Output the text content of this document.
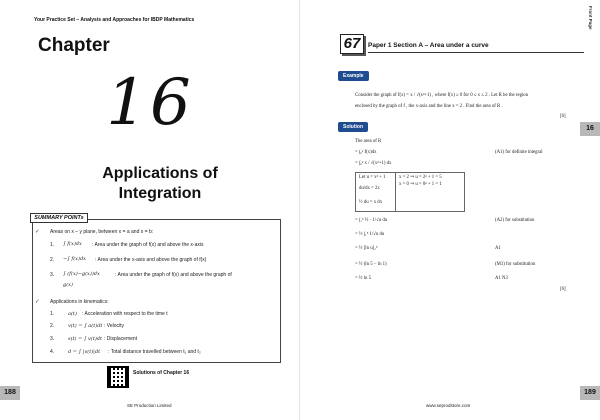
Your Practice Set – Analysis and Approaches for IBDP Mathematics
Chapter
16
Applications of
Integration
SUMMARY POINTs
✓ Areas on x – y plane, between x = a and x = b:
1. ∫ f(x)dx : Area under the graph of f(x) and above the x-axis
2. −∫ f(x)dx : Area under the x-axis and above the graph of f(x)
3. ∫ (f(x)−g(x))dx	: Area under the graph of f(x) and above the graph of
g(x)
✓ Applications in kinematics:
1.	a(t) : Acceleration with respect to the time t
2.	v(t) = ∫ a(t)dt : Velocity
3.	s(t) = ∫ v(t)dt : Displacement
4.	d = ∫ |v(t)|dt : Total distance travelled between t₁ and t₂
Solutions of Chapter 16
188
SE Production Limited
Front Page
16
67	Paper 1 Section A – Area under a curve
Example
Consider the graph of f(x) = x / √(x²+1) , where f(x) ≥ 0 for 0 ≤ x ≤ 2 . Let R be the region
enclosed by the graph of f , the x-axis and the line x = 2 . Find the area of R .
[6]
Solution
The area of R
= ∫₀² f(x)dx	(A1) for definite integral
= ∫₀² x / √(x²+1) dx
Let u = x² + 1
du/dx = 2x
½ du = x dx
x = 2 ⇒ u = 2² + 1 = 5
x = 0 ⇒ u = 0² + 1 = 1
= ∫₁⁵ ½ · 1/√u du	(A2) for substitution
= ½ ∫₁⁵ 1/√u du
= ½ [ln u]₁⁵	A1
= ½ (ln 5 − ln 1)	(M1) for substitution
= ½ ln 5	A1 N3
[6]
189
www.seprodstore.com
